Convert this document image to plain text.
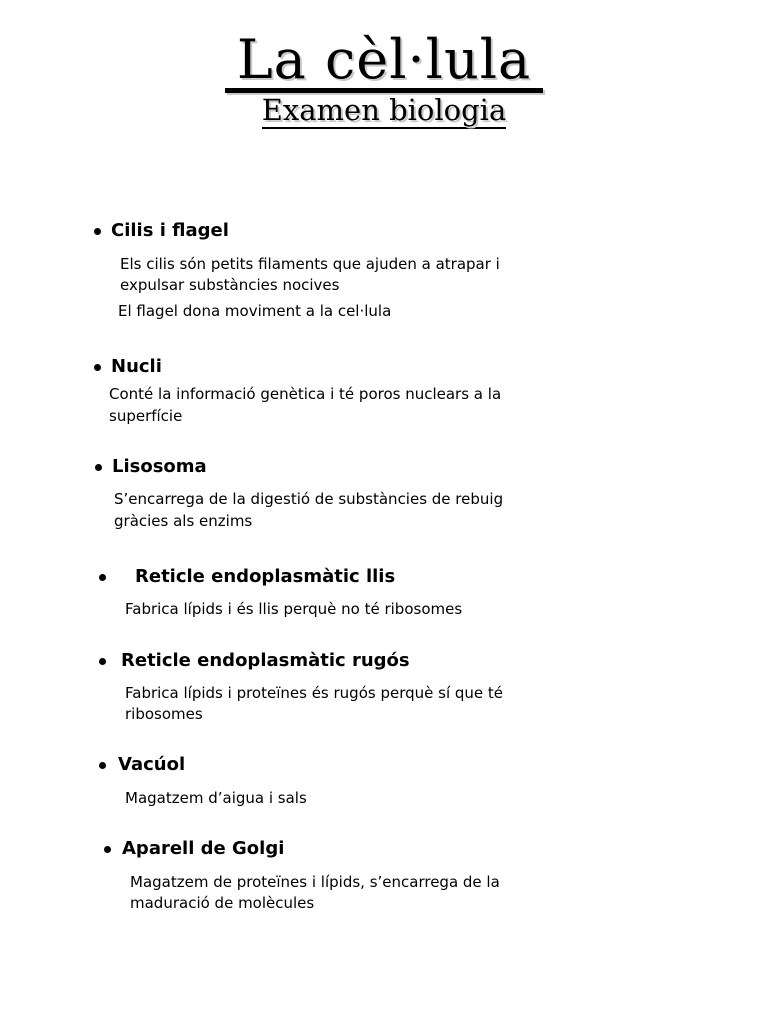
La cèl·lula
Examen biologia
Cilis i flagel
Els cilis són petits filaments que ajuden a atrapar i
expulsar substàncies nocives
El flagel dona moviment a la cel·lula
Nucli
Conté la informació genètica i té poros nuclears a la
superfície
Lisosoma
S’encarrega de la digestió de substàncies de rebuig
gràcies als enzims
Reticle endoplasmàtic llis
Fabrica lípids i és llis perquè no té ribosomes
Reticle endoplasmàtic rugós
Fabrica lípids i proteïnes és rugós perquè sí que té
ribosomes
Vacúol
Magatzem d’aigua i sals
Aparell de Golgi
Magatzem de proteïnes i lípids, s’encarrega de la
maduració de molècules
